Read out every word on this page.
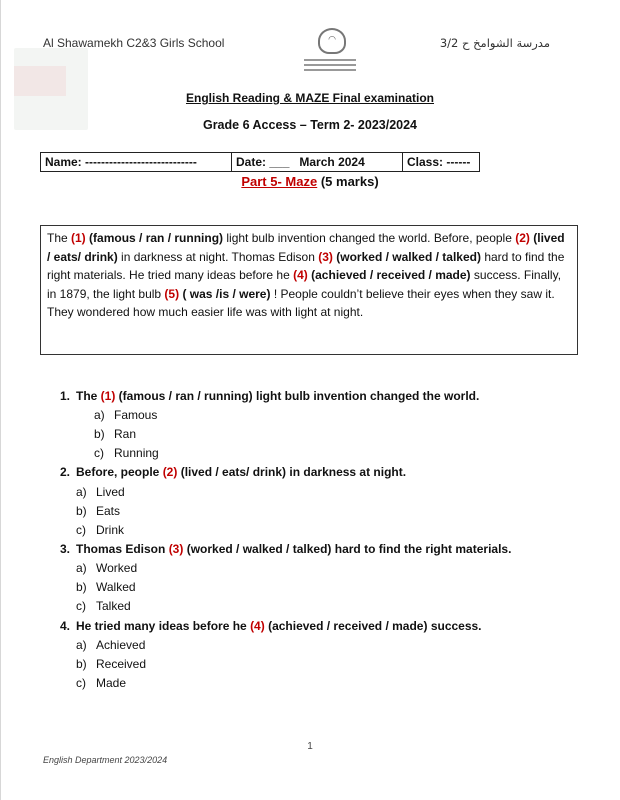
Al Shawamekh C2&3 Girls School	◠	مدرسة الشوامخ ح 3/2
English Reading & MAZE Final examination
Grade 6 Access – Term 2- 2023/2024
Name: ----------------------------	Date: ___ March 2024	Class: ------
Part 5- Maze (5 marks)
The (1) (famous / ran / running) light bulb invention changed the world. Before, people (2) (lived / eats/ drink) in darkness at night. Thomas Edison (3) (worked / walked / talked) hard to find the right materials. He tried many ideas before he (4) (achieved / received / made) success. Finally, in 1879, the light bulb (5) ( was /is / were) ! People couldn’t believe their eyes when they saw it. They wondered how much easier life was with light at night.
1. The (1) (famous / ran / running) light bulb invention changed the world.
a) Famous
b) Ran
c) Running
2. Before, people (2) (lived / eats/ drink) in darkness at night.
a) Lived
b) Eats
c) Drink
3. Thomas Edison (3) (worked / walked / talked) hard to find the right materials.
a) Worked
b) Walked
c) Talked
4. He tried many ideas before he (4) (achieved / received / made) success.
a) Achieved
b) Received
c) Made
1
English Department 2023/2024
